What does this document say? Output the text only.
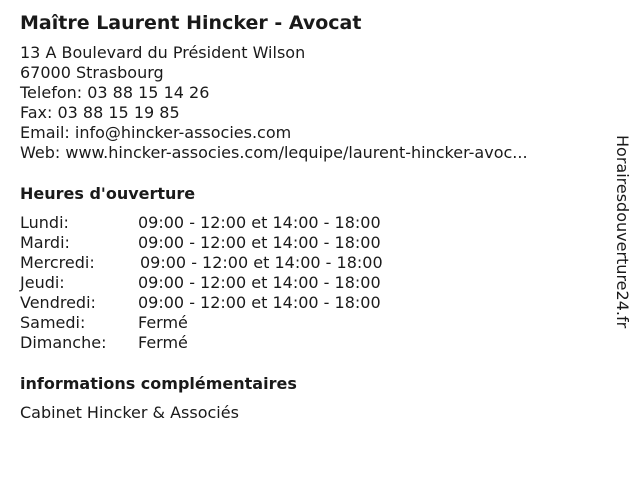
Maître Laurent Hincker - Avocat
13 A Boulevard du Président Wilson
67000 Strasbourg
Telefon: 03 88 15 14 26
Fax: 03 88 15 19 85
Email: info@hincker-associes.com
Web: www.hincker-associes.com/lequipe/laurent-hincker-avoc...
Heures d'ouverture
Lundi:	09:00 - 12:00 et 14:00 - 18:00
Mardi:	09:00 - 12:00 et 14:00 - 18:00
Mercredi:	09:00 - 12:00 et 14:00 - 18:00
Jeudi:	09:00 - 12:00 et 14:00 - 18:00
Vendredi:	09:00 - 12:00 et 14:00 - 18:00
Samedi:	Fermé
Dimanche: Fermé
informations complémentaires
Cabinet Hincker & Associés
Horairesdouverture24.fr
